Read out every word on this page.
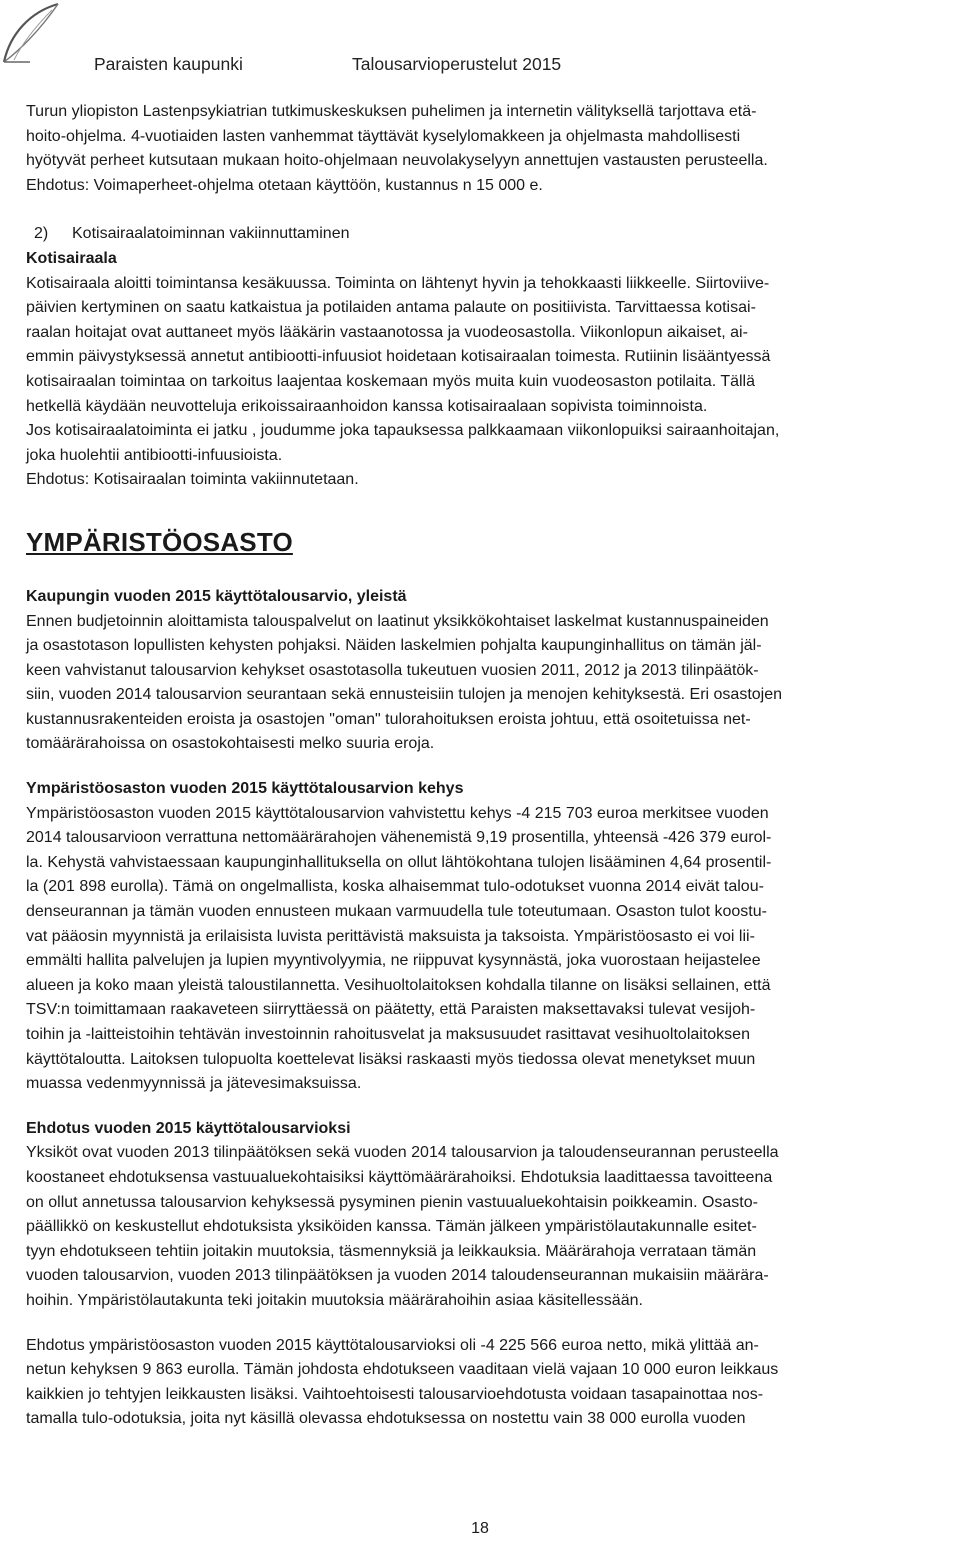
Paraisten kaupunki	Talousarvioperustelut 2015

Turun yliopiston Lastenpsykiatrian tutkimuskeskuksen puhelimen ja internetin välityksellä tarjottava etä-

hoito-ohjelma. 4-vuotiaiden lasten vanhemmat täyttävät kyselylomakkeen ja ohjelmasta mahdollisesti

hyötyvät perheet kutsutaan mukaan hoito-ohjelmaan neuvolakyselyyn annettujen vastausten perusteella.

Ehdotus: Voimaperheet-ohjelma otetaan käyttöön, kustannus n 15 000 e.

2) Kotisairaalatoiminnan vakiinnuttaminen

Kotisairaala

Kotisairaala aloitti toimintansa kesäkuussa. Toiminta on lähtenyt hyvin ja tehokkaasti liikkeelle. Siirtoviive-

päivien kertyminen on saatu katkaistua ja potilaiden antama palaute on positiivista. Tarvittaessa kotisai-

raalan hoitajat ovat auttaneet myös lääkärin vastaanotossa ja vuodeosastolla. Viikonlopun aikaiset, ai-

emmin päivystyksessä annetut antibiootti-infuusiot hoidetaan kotisairaalan toimesta. Rutiinin lisääntyessä

kotisairaalan toimintaa on tarkoitus laajentaa koskemaan myös muita kuin vuodeosaston potilaita. Tällä

hetkellä käydään neuvotteluja erikoissairaanhoidon kanssa kotisairaalaan sopivista toiminnoista.

Jos kotisairaalatoiminta ei jatku , joudumme joka tapauksessa palkkaamaan viikonlopuiksi sairaanhoitajan,

joka huolehtii antibiootti-infuusioista.

Ehdotus: Kotisairaalan toiminta vakiinnutetaan.

YMPÄRISTÖOSASTO

Kaupungin vuoden 2015 käyttötalousarvio, yleistä

Ennen budjetoinnin aloittamista talouspalvelut on laatinut yksikkökohtaiset laskelmat kustannuspaineiden

ja osastotason lopullisten kehysten pohjaksi. Näiden laskelmien pohjalta kaupunginhallitus on tämän jäl-

keen vahvistanut talousarvion kehykset osastotasolla tukeutuen vuosien 2011, 2012 ja 2013 tilinpäätök-

siin, vuoden 2014 talousarvion seurantaan sekä ennusteisiin tulojen ja menojen kehityksestä. Eri osastojen

kustannusrakenteiden eroista ja osastojen "oman" tulorahoituksen eroista johtuu, että osoitetuissa net-

tomäärärahoissa on osastokohtaisesti melko suuria eroja.

Ympäristöosaston vuoden 2015 käyttötalousarvion kehys

Ympäristöosaston vuoden 2015 käyttötalousarvion vahvistettu kehys -4 215 703 euroa merkitsee vuoden

2014 talousarvioon verrattuna nettomäärärahojen vähenemistä 9,19 prosentilla, yhteensä -426 379 eurol-

la. Kehystä vahvistaessaan kaupunginhallituksella on ollut lähtökohtana tulojen lisääminen 4,64 prosentil-

la (201 898 eurolla). Tämä on ongelmallista, koska alhaisemmat tulo-odotukset vuonna 2014 eivät talou-

denseurannan ja tämän vuoden ennusteen mukaan varmuudella tule toteutumaan. Osaston tulot koostu-

vat pääosin myynnistä ja erilaisista luvista perittävistä maksuista ja taksoista. Ympäristöosasto ei voi lii-

emmälti hallita palvelujen ja lupien myyntivolyymia, ne riippuvat kysynnästä, joka vuorostaan heijastelee

alueen ja koko maan yleistä taloustilannetta. Vesihuoltolaitoksen kohdalla tilanne on lisäksi sellainen, että

TSV:n toimittamaan raakaveteen siirryttäessä on päätetty, että Paraisten maksettavaksi tulevat vesijoh-

toihin ja -laitteistoihin tehtävän investoinnin rahoitusvelat ja maksusuudet rasittavat vesihuoltolaitoksen

käyttötaloutta. Laitoksen tulopuolta koettelevat lisäksi raskaasti myös tiedossa olevat menetykset muun

muassa vedenmyynnissä ja jätevesimaksuissa.

Ehdotus vuoden 2015 käyttötalousarvioksi

Yksiköt ovat vuoden 2013 tilinpäätöksen sekä vuoden 2014 talousarvion ja taloudenseurannan perusteella

koostaneet ehdotuksensa vastuualuekohtaisiksi käyttömäärärahoiksi. Ehdotuksia laadittaessa tavoitteena

on ollut annetussa talousarvion kehyksessä pysyminen pienin vastuualuekohtaisin poikkeamin. Osasto-

päällikkö on keskustellut ehdotuksista yksiköiden kanssa. Tämän jälkeen ympäristölautakunnalle esitet-

tyyn ehdotukseen tehtiin joitakin muutoksia, täsmennyksiä ja leikkauksia. Määrärahoja verrataan tämän

vuoden talousarvion, vuoden 2013 tilinpäätöksen ja vuoden 2014 taloudenseurannan mukaisiin määrära-

hoihin. Ympäristölautakunta teki joitakin muutoksia määrärahoihin asiaa käsitellessään.

Ehdotus ympäristöosaston vuoden 2015 käyttötalousarvioksi oli -4 225 566 euroa netto, mikä ylittää an-

netun kehyksen 9 863 eurolla. Tämän johdosta ehdotukseen vaaditaan vielä vajaan 10 000 euron leikkaus

kaikkien jo tehtyjen leikkausten lisäksi. Vaihtoehtoisesti talousarvioehdotusta voidaan tasapainottaa nos-

tamalla tulo-odotuksia, joita nyt käsillä olevassa ehdotuksessa on nostettu vain 38 000 eurolla vuoden

18
